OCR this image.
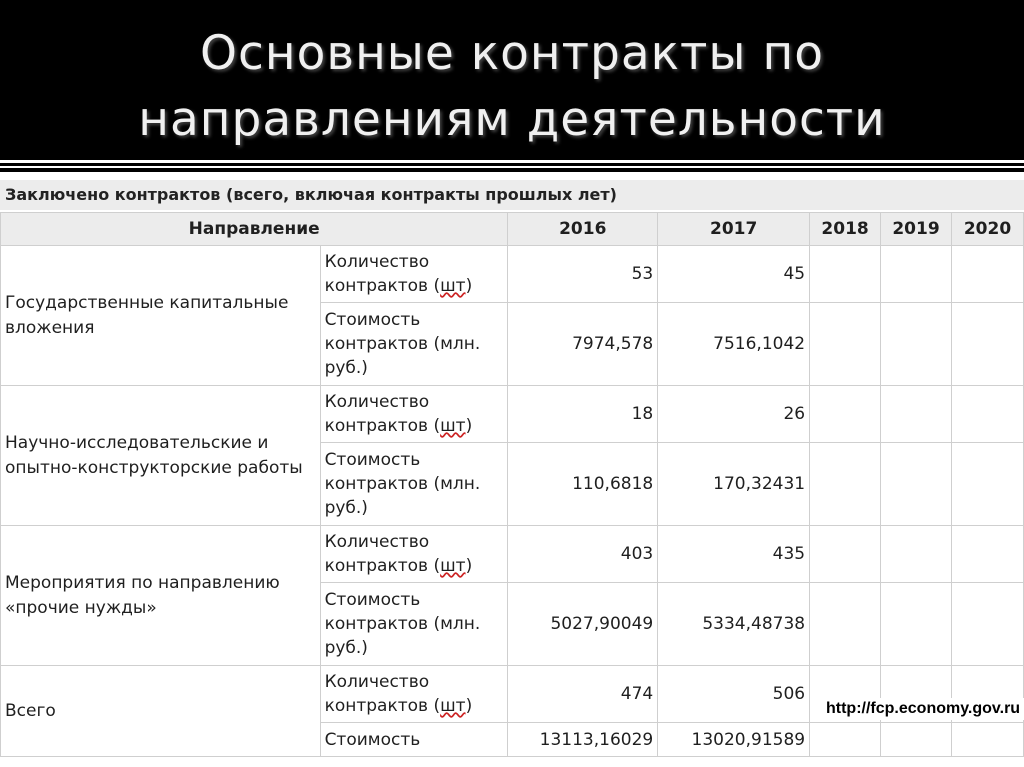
Основные контракты по
направлениям деятельности
Заключено контрактов (всего, включая контракты прошлых лет)
Направление		2016	2017	2018	2019	2020
Государственные капитальные вложения	Количество контрактов (шт)	53	45			
	Стоимость контрактов (млн. руб.)	7974,578	7516,1042			
Научно-исследовательские и опытно-конструкторские работы	Количество контрактов (шт)	18	26			
	Стоимость контрактов (млн. руб.)	110,6818	170,32431			
Мероприятия по направлению «прочие нужды»	Количество контрактов (шт)	403	435			
	Стоимость контрактов (млн. руб.)	5027,90049	5334,48738			
Всего	Количество контрактов (шт)	474	506			
	Стоимость	13113,16029	13020,91589			
http://fcp.economy.gov.ru
